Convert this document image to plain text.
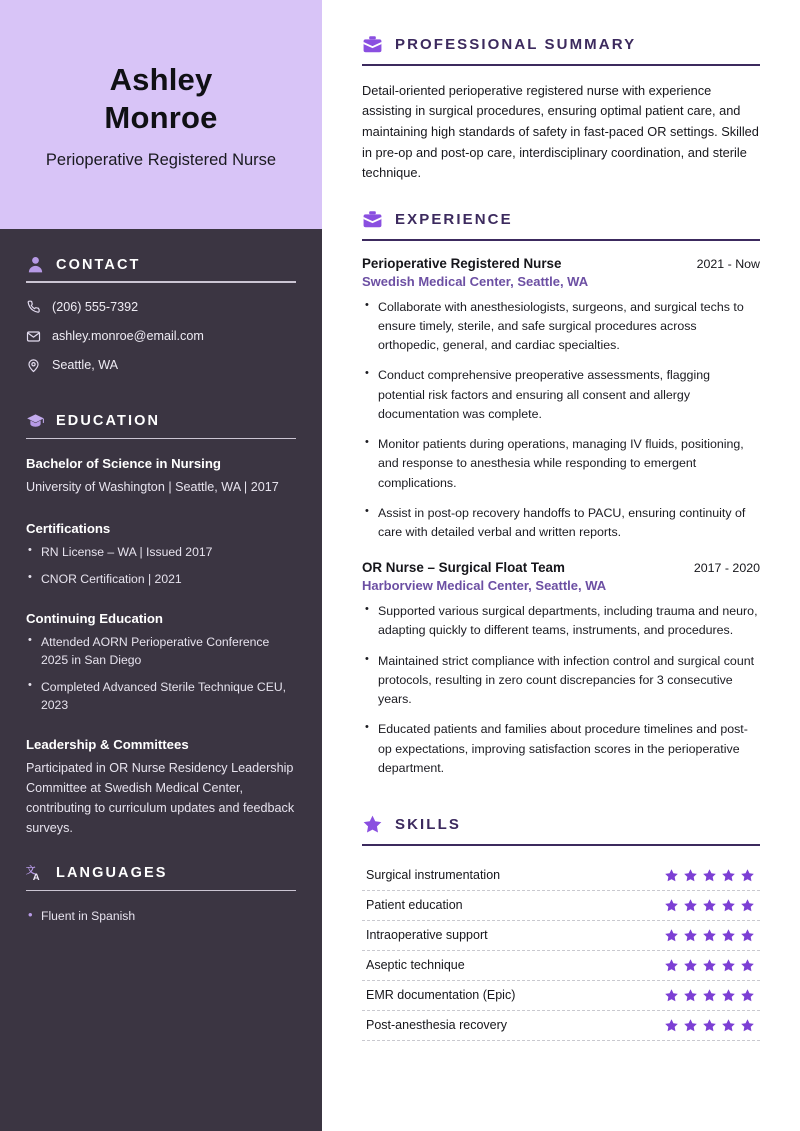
Ashley
Monroe
Perioperative Registered Nurse
CONTACT
(206) 555-7392
ashley.monroe@email.com
Seattle, WA
EDUCATION
Bachelor of Science in Nursing
University of Washington | Seattle, WA | 2017
Certifications
• RN License – WA | Issued 2017
• CNOR Certification | 2021
Continuing Education
• Attended AORN Perioperative Conference 2025 in San Diego
• Completed Advanced Sterile Technique CEU, 2023
Leadership & Committees
Participated in OR Nurse Residency Leadership Committee at Swedish Medical Center, contributing to curriculum updates and feedback surveys.
文
A LANGUAGES
• Fluent in Spanish
PROFESSIONAL SUMMARY

Detail-oriented perioperative registered nurse with experience assisting in surgical procedures, ensuring optimal patient care, and maintaining high standards of safety in fast-paced OR settings. Skilled in pre-op and post-op care, interdisciplinary coordination, and sterile technique.

EXPERIENCE
Perioperative Registered Nurse	2021 - Now
Swedish Medical Center, Seattle, WA
• Collaborate with anesthesiologists, surgeons, and surgical techs to ensure timely, sterile, and safe surgical procedures across orthopedic, general, and cardiac specialties.
• Conduct comprehensive preoperative assessments, flagging potential risk factors and ensuring all consent and allergy documentation was complete.
• Monitor patients during operations, managing IV fluids, positioning, and response to anesthesia while responding to emergent complications.
• Assist in post-op recovery handoffs to PACU, ensuring continuity of care with detailed verbal and written reports.
OR Nurse – Surgical Float Team	2017 - 2020
Harborview Medical Center, Seattle, WA
• Supported various surgical departments, including trauma and neuro, adapting quickly to different teams, instruments, and procedures.
• Maintained strict compliance with infection control and surgical count protocols, resulting in zero count discrepancies for 3 consecutive years.
• Educated patients and families about procedure timelines and post-op expectations, improving satisfaction scores in the perioperative department.
SKILLS
Surgical instrumentation
Patient education
Intraoperative support
Aseptic technique
EMR documentation (Epic)
Post-anesthesia recovery
